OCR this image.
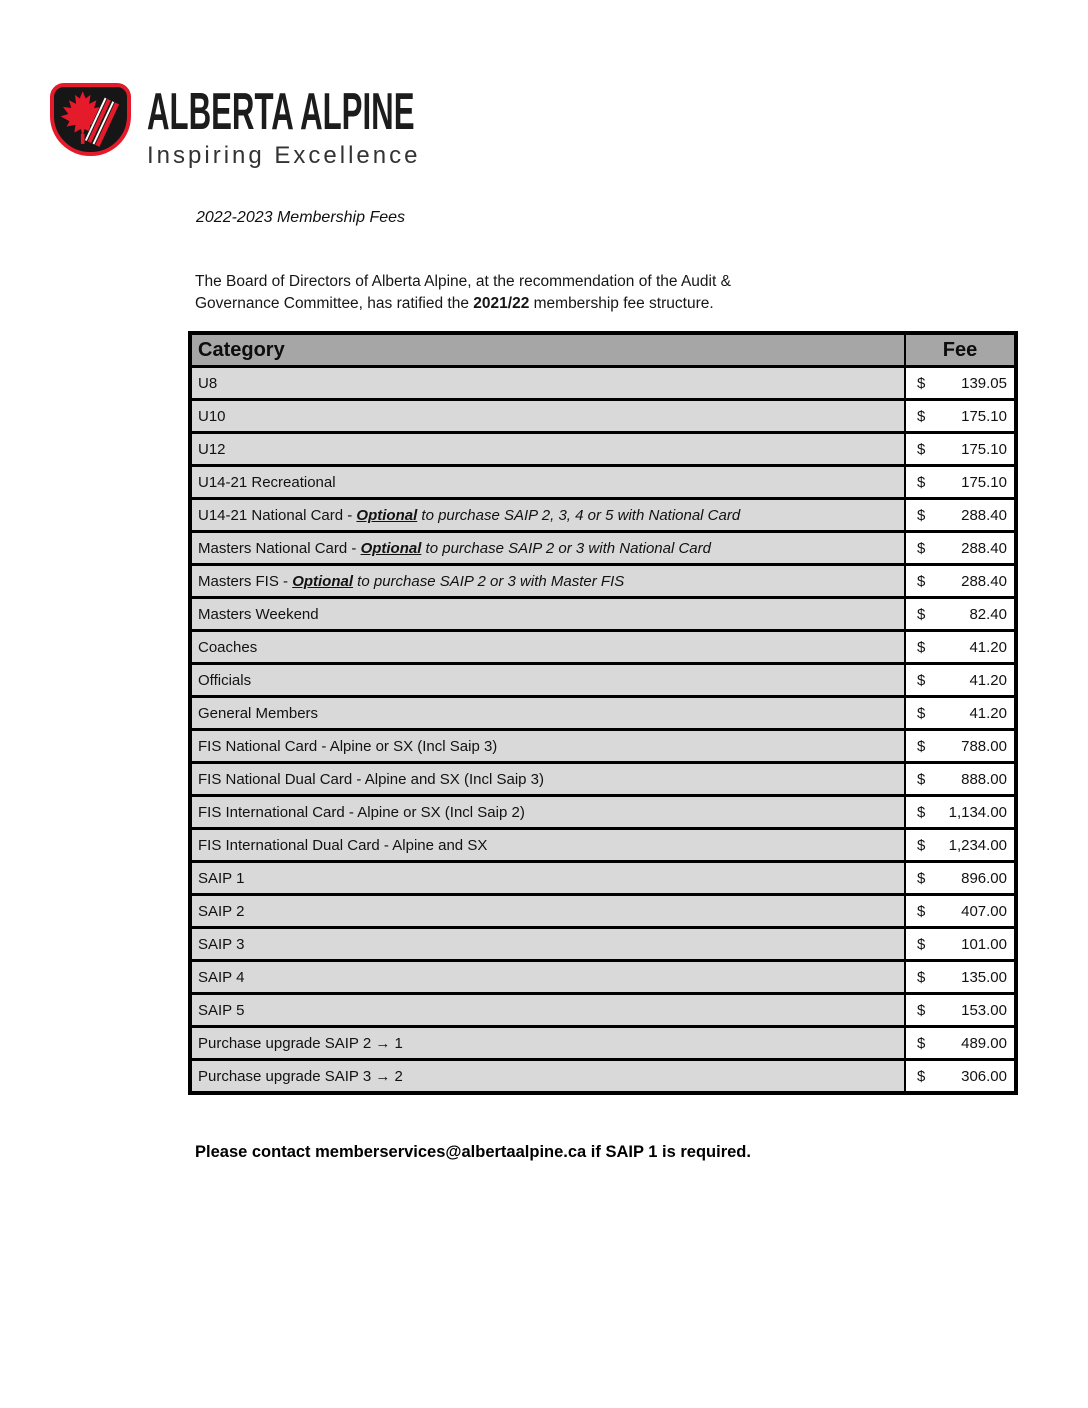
ALBERTA ALPINE
Inspiring Excellence
2022-2023 Membership Fees

The Board of Directors of Alberta Alpine, at the recommendation of the Audit & Governance Committee, has ratified the 2021/22 membership fee structure.

Category	Fee
U8	$ 139.05

U10	$ 175.10

U12	$ 175.10

U14-21 Recreational	$ 175.10

U14-21 National Card - Optional to purchase SAIP 2, 3, 4 or 5 with National Card	$ 288.40

Masters National Card - Optional to purchase SAIP 2 or 3 with National Card	$ 288.40

Masters FIS - Optional to purchase SAIP 2 or 3 with Master FIS	$ 288.40

Masters Weekend	$ 82.40

Coaches	$ 41.20

Officials	$ 41.20

General Members	$ 41.20

FIS National Card - Alpine or SX (Incl Saip 3)	$ 788.00

FIS National Dual Card - Alpine and SX (Incl Saip 3)	$ 888.00

FIS International Card - Alpine or SX (Incl Saip 2)	$ 1,134.00

FIS International Dual Card - Alpine and SX	$ 1,234.00

SAIP 1	$ 896.00

SAIP 2	$ 407.00

SAIP 3	$ 101.00

SAIP 4	$ 135.00

SAIP 5	$ 153.00

Purchase upgrade SAIP 2 → 1	$ 489.00

Purchase upgrade SAIP 3 → 2	$ 306.00
Please contact memberservices@albertaalpine.ca if SAIP 1 is required.
